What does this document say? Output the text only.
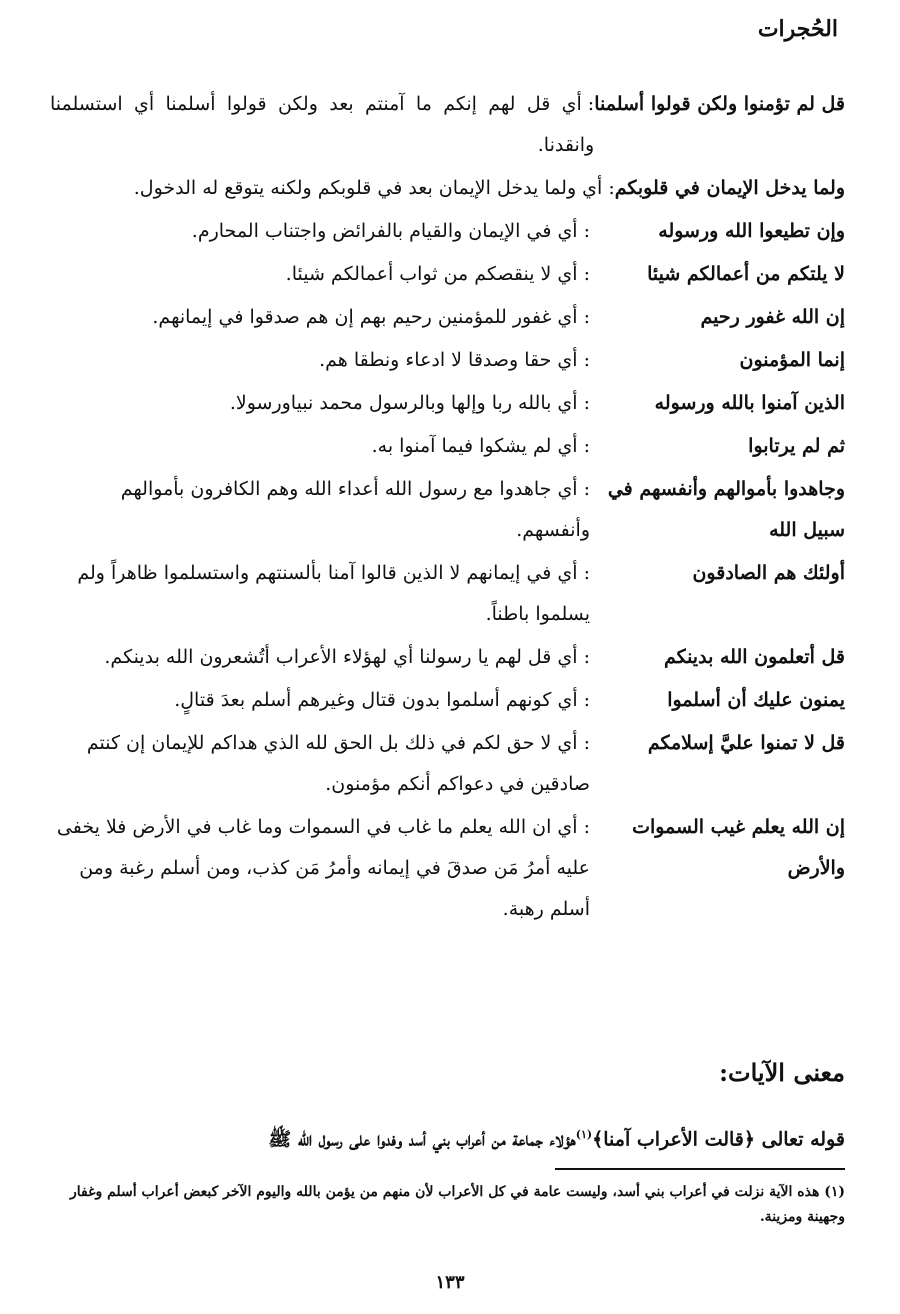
الحُجرات
قل لم تؤمنوا ولكن قولوا أسلمنا
:أي قل لهم إنكم ما آمنتم بعد ولكن قولوا أسلمنا أي استسلمنا وانقدنا.
ولما يدخل الإيمان في قلوبكم
:أي ولما يدخل الإيمان بعد في قلوبكم ولكنه يتوقع له الدخول.
وإن تطيعوا الله ورسوله
:أي في الإيمان والقيام بالفرائض واجتناب المحارم.
لا يلتكم من أعمالكم شيئا
:أي لا ينقصكم من ثواب أعمالكم شيئا.
إن الله غفور رحيم
:أي غفور للمؤمنين رحيم بهم إن هم صدقوا في إيمانهم.
إنما المؤمنون
:أي حقا وصدقا لا ادعاء ونطقا هم.
الذين آمنوا بالله ورسوله
:أي بالله ربا وإلها وبالرسول محمد نبياورسولا.
ثم لم يرتابوا
:أي لم يشكوا فيما آمنوا به.
وجاهدوا بأموالهم وأنفسهم في سبيل الله
:أي جاهدوا مع رسول الله أعداء الله وهم الكافرون بأموالهم وأنفسهم.
أولئك هم الصادقون
:أي في إيمانهم لا الذين قالوا آمنا بألسنتهم واستسلموا ظاهراً ولم يسلموا باطناً.
قل أتعلمون الله بدينكم
:أي قل لهم يا رسولنا أي لهؤلاء الأعراب أتُشعرون الله بدينكم.
يمنون عليك أن أسلموا
:أي كونهم أسلموا بدون قتال وغيرهم أسلم بعدَ قتالٍ.
قل لا تمنوا عليَّ إسلامكم
:أي لا حق لكم في ذلك بل الحق لله الذي هداكم للإيمان إن كنتم صادقين في دعواكم أنكم مؤمنون.
إن الله يعلم غيب السموات والأرض
:أي ان الله يعلم ما غاب في السموات وما غاب في الأرض فلا يخفى عليه أمرُ مَن صدقَ في إيمانه وأمرُ مَن كذب، ومن أسلم رغبة ومن أسلم رهبة.
معنى الآيات:
قوله تعالى ﴿قالت الأعراب آمنا﴾$^{(١)}$هؤلاء جماعة من أعراب بني أسد وفدوا على رسول الله ﷺ
(١) هذه الآية نزلت في أعراب بني أسد، وليست عامة في كل الأعراب لأن منهم من يؤمن بالله واليوم الآخر كبعض أعراب أسلم وغفار وجهينة ومزينة.
١٣٣
